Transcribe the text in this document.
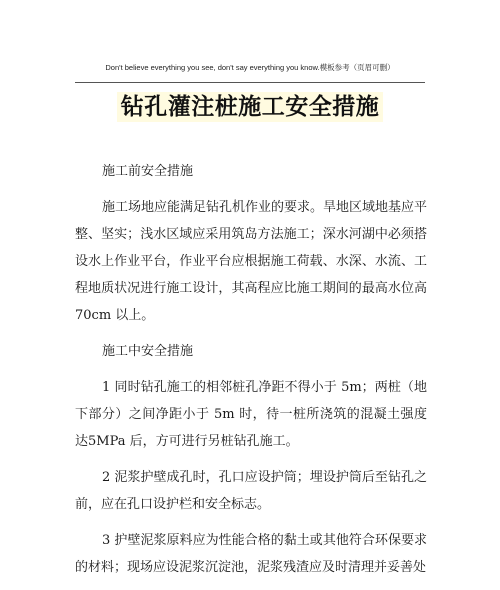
Don't believe everything you see, don't say everything you know.模板参考（页眉可删）
钻孔灌注桩施工安全措施

施工前安全措施

施工场地应能满足钻孔机作业的要求。旱地区域地基应平整、坚实；浅水区域应采用筑岛方法施工；深水河湖中必须搭设水上作业平台，作业平台应根据施工荷载、水深、水流、工程地质状况进行施工设计，其高程应比施工期间的最高水位高70cm 以上。

施工中安全措施

1 同时钻孔施工的相邻桩孔净距不得小于 5m；两桩（地下部分）之间净距小于 5m 时，待一桩所浇筑的混凝土强度达5MPa 后，方可进行另桩钻孔施工。

2 泥浆护壁成孔时，孔口应设护筒；埋设护筒后至钻孔之前，应在孔口设护栏和安全标志。

3 护壁泥浆原料应为性能合格的黏土或其他符合环保要求的材料；现场应设泥浆沉淀池，泥浆残渣应及时清理并妥善处
